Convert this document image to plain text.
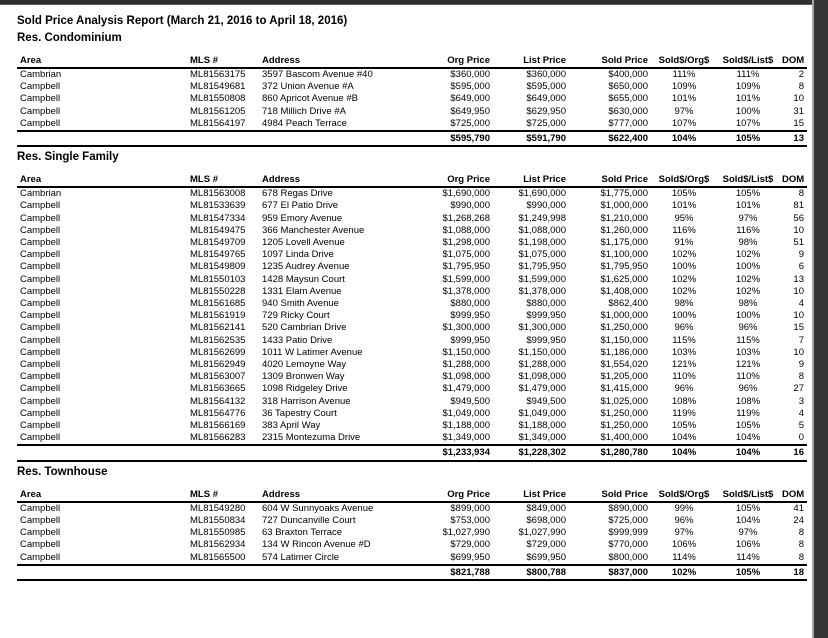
Sold Price Analysis Report (March 21, 2016 to April 18, 2016)
Res. Condominium
Area	MLS #	Address	Org Price	List Price	Sold Price	Sold$/Org$	Sold$/List$	DOM
Cambrian	ML81563175	3597 Bascom Avenue #40	$360,000	$360,000	$400,000	111%	111%	2
Campbell	ML81549681	372 Union Avenue #A	$595,000	$595,000	$650,000	109%	109%	8
Campbell	ML81550808	860 Apricot Avenue #B	$649,000	$649,000	$655,000	101%	101%	10
Campbell	ML81561205	718 Millich Drive #A	$649,950	$629,950	$630,000	97%	100%	31
Campbell	ML81564197	4984 Peach Terrace	$725,000	$725,000	$777,000	107%	107%	15
			$595,790	$591,790	$622,400	104%	105%	13
Res. Single Family
Area	MLS #	Address	Org Price	List Price	Sold Price	Sold$/Org$	Sold$/List$	DOM
Cambrian	ML81563008	678 Regas Drive	$1,690,000	$1,690,000	$1,775,000	105%	105%	8
Campbell	ML81533639	677 El Patio Drive	$990,000	$990,000	$1,000,000	101%	101%	81
Campbell	ML81547334	959 Emory Avenue	$1,268,268	$1,249,998	$1,210,000	95%	97%	56
Campbell	ML81549475	366 Manchester Avenue	$1,088,000	$1,088,000	$1,260,000	116%	116%	10
Campbell	ML81549709	1205 Lovell Avenue	$1,298,000	$1,198,000	$1,175,000	91%	98%	51
Campbell	ML81549765	1097 Linda Drive	$1,075,000	$1,075,000	$1,100,000	102%	102%	9
Campbell	ML81549809	1235 Audrey Avenue	$1,795,950	$1,795,950	$1,795,950	100%	100%	6
Campbell	ML81550103	1428 Maysun Court	$1,599,000	$1,599,000	$1,625,000	102%	102%	13
Campbell	ML81550228	1331 Elam Avenue	$1,378,000	$1,378,000	$1,408,000	102%	102%	10
Campbell	ML81561685	940 Smith Avenue	$880,000	$880,000	$862,400	98%	98%	4
Campbell	ML81561919	729 Ricky Court	$999,950	$999,950	$1,000,000	100%	100%	10
Campbell	ML81562141	520 Cambrian Drive	$1,300,000	$1,300,000	$1,250,000	96%	96%	15
Campbell	ML81562535	1433 Patio Drive	$999,950	$999,950	$1,150,000	115%	115%	7
Campbell	ML81562699	1011 W Latimer Avenue	$1,150,000	$1,150,000	$1,186,000	103%	103%	10
Campbell	ML81562949	4020 Lemoyne Way	$1,288,000	$1,288,000	$1,554,020	121%	121%	9
Campbell	ML81563007	1309 Bronwen Way	$1,098,000	$1,098,000	$1,205,000	110%	110%	8
Campbell	ML81563665	1098 Ridgeley Drive	$1,479,000	$1,479,000	$1,415,000	96%	96%	27
Campbell	ML81564132	318 Harrison Avenue	$949,500	$949,500	$1,025,000	108%	108%	3
Campbell	ML81564776	36 Tapestry Court	$1,049,000	$1,049,000	$1,250,000	119%	119%	4
Campbell	ML81566169	383 April Way	$1,188,000	$1,188,000	$1,250,000	105%	105%	5
Campbell	ML81566283	2315 Montezuma Drive	$1,349,000	$1,349,000	$1,400,000	104%	104%	0
			$1,233,934	$1,228,302	$1,280,780	104%	104%	16
Res. Townhouse
Area	MLS #	Address	Org Price	List Price	Sold Price	Sold$/Org$	Sold$/List$	DOM
Campbell	ML81549280	604 W Sunnyoaks Avenue	$899,000	$849,000	$890,000	99%	105%	41
Campbell	ML81550834	727 Duncanville Court	$753,000	$698,000	$725,000	96%	104%	24
Campbell	ML81550985	63 Braxton Terrace	$1,027,990	$1,027,990	$999,999	97%	97%	8
Campbell	ML81562934	134 W Rincon Avenue #D	$729,000	$729,000	$770,000	106%	106%	8
Campbell	ML81565500	574 Latimer Circle	$699,950	$699,950	$800,000	114%	114%	8
			$821,788	$800,788	$837,000	102%	105%	18
